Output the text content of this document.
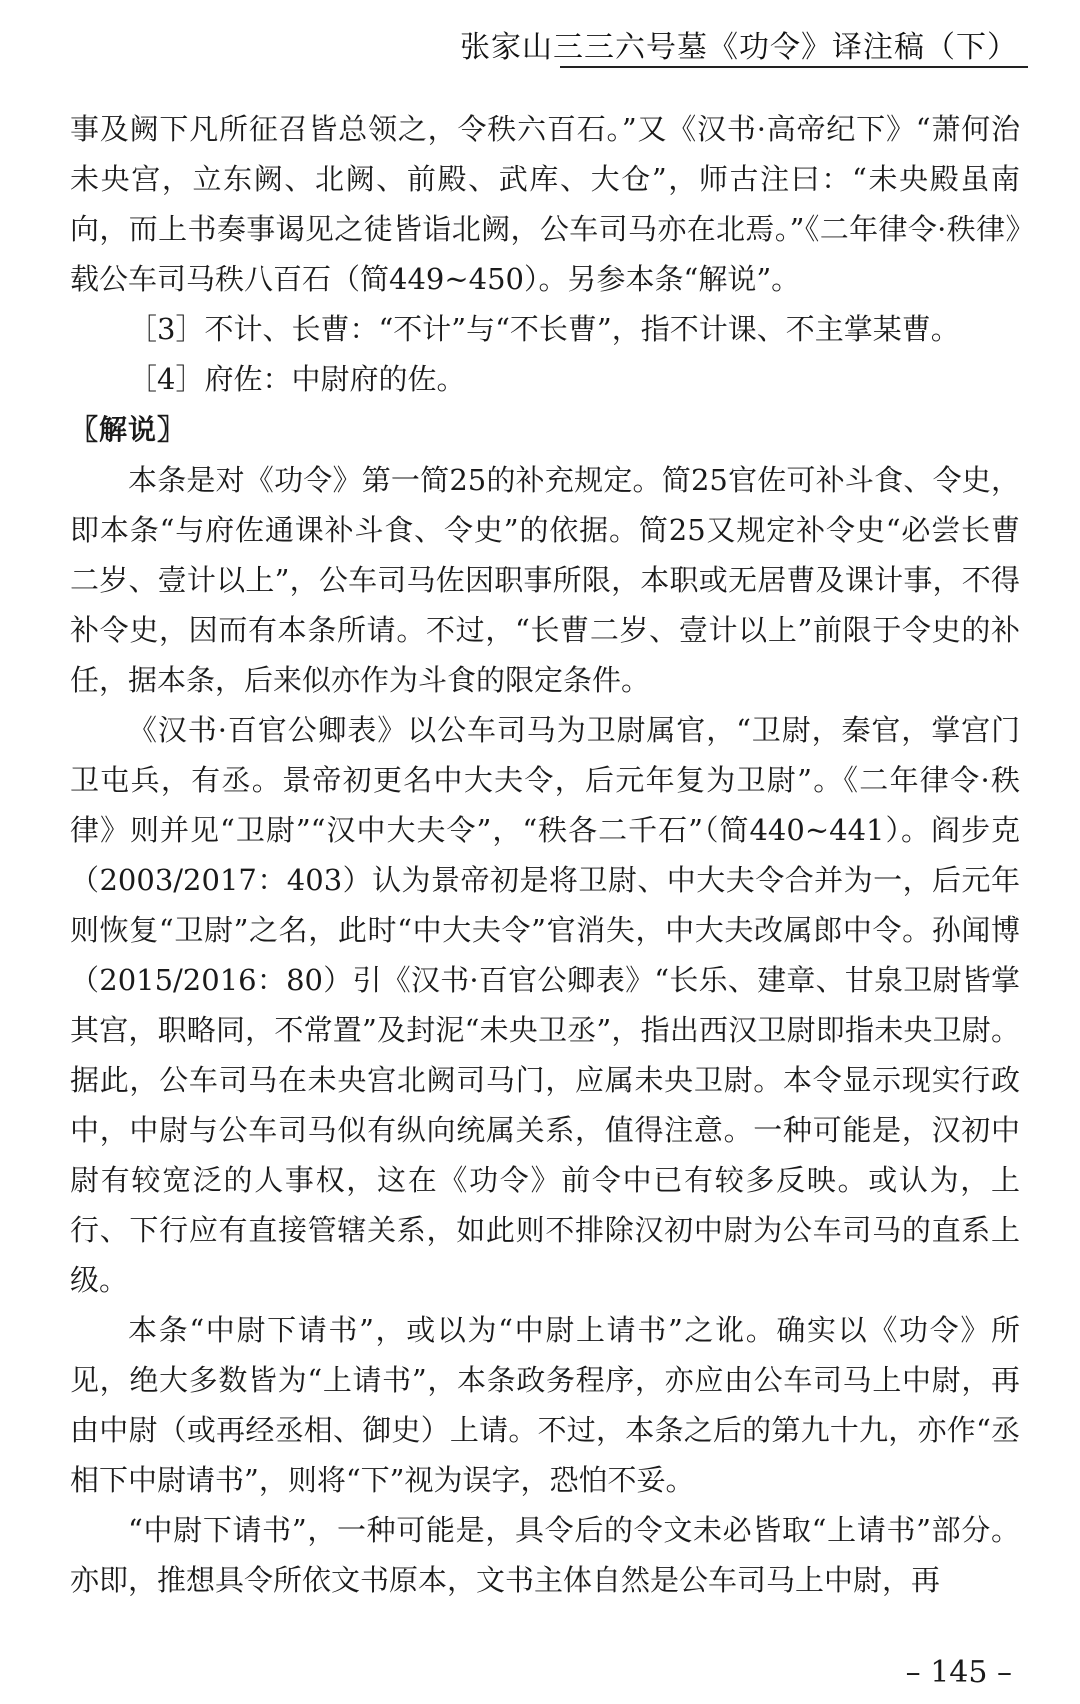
张家山三三六号墓《功令》译注稿（下）

事及阙下凡所征召皆总领之，令秩六百石。”又《汉书·高帝纪下》“萧何治未央宫，立东阙、北阙、前殿、武库、大仓”，师古注曰：“未央殿虽南向，而上书奏事谒见之徒皆诣北阙，公车司马亦在北焉。”《二年律令·秩律》载公车司马秩八百石（简449~450）。另参本条“解说”。

［3］不计、长曹：“不计”与“不长曹”，指不计课、不主掌某曹。

［4］府佐：中尉府的佐。

〖解说〗

本条是对《功令》第一简25的补充规定。简25官佐可补斗食、令史，即本条“与府佐通课补斗食、令史”的依据。简25又规定补令史“必尝长曹二岁、壹计以上”，公车司马佐因职事所限，本职或无居曹及课计事，不得补令史，因而有本条所请。不过，“长曹二岁、壹计以上”前限于令史的补任，据本条，后来似亦作为斗食的限定条件。

《汉书·百官公卿表》以公车司马为卫尉属官，“卫尉，秦官，掌宫门卫屯兵，有丞。景帝初更名中大夫令，后元年复为卫尉”。《二年律令·秩律》则并见“卫尉”“汉中大夫令”，“秩各二千石”（简440~441）。阎步克（2003/2017：403）认为景帝初是将卫尉、中大夫令合并为一，后元年则恢复“卫尉”之名，此时“中大夫令”官消失，中大夫改属郎中令。孙闻博（2015/2016：80）引《汉书·百官公卿表》“长乐、建章、甘泉卫尉皆掌其宫，职略同，不常置”及封泥“未央卫丞”，指出西汉卫尉即指未央卫尉。据此，公车司马在未央宫北阙司马门，应属未央卫尉。本令显示现实行政中，中尉与公车司马似有纵向统属关系，值得注意。一种可能是，汉初中尉有较宽泛的人事权，这在《功令》前令中已有较多反映。或认为，上行、下行应有直接管辖关系，如此则不排除汉初中尉为公车司马的直系上级。

本条“中尉下请书”，或以为“中尉上请书”之讹。确实以《功令》所见，绝大多数皆为“上请书”，本条政务程序，亦应由公车司马上中尉，再由中尉（或再经丞相、御史）上请。不过，本条之后的第九十九，亦作“丞相下中尉请书”，则将“下”视为误字，恐怕不妥。

“中尉下请书”，一种可能是，具令后的令文未必皆取“上请书”部分。亦即，推想具令所依文书原本，文书主体自然是公车司马上中尉，再

– 145 –
